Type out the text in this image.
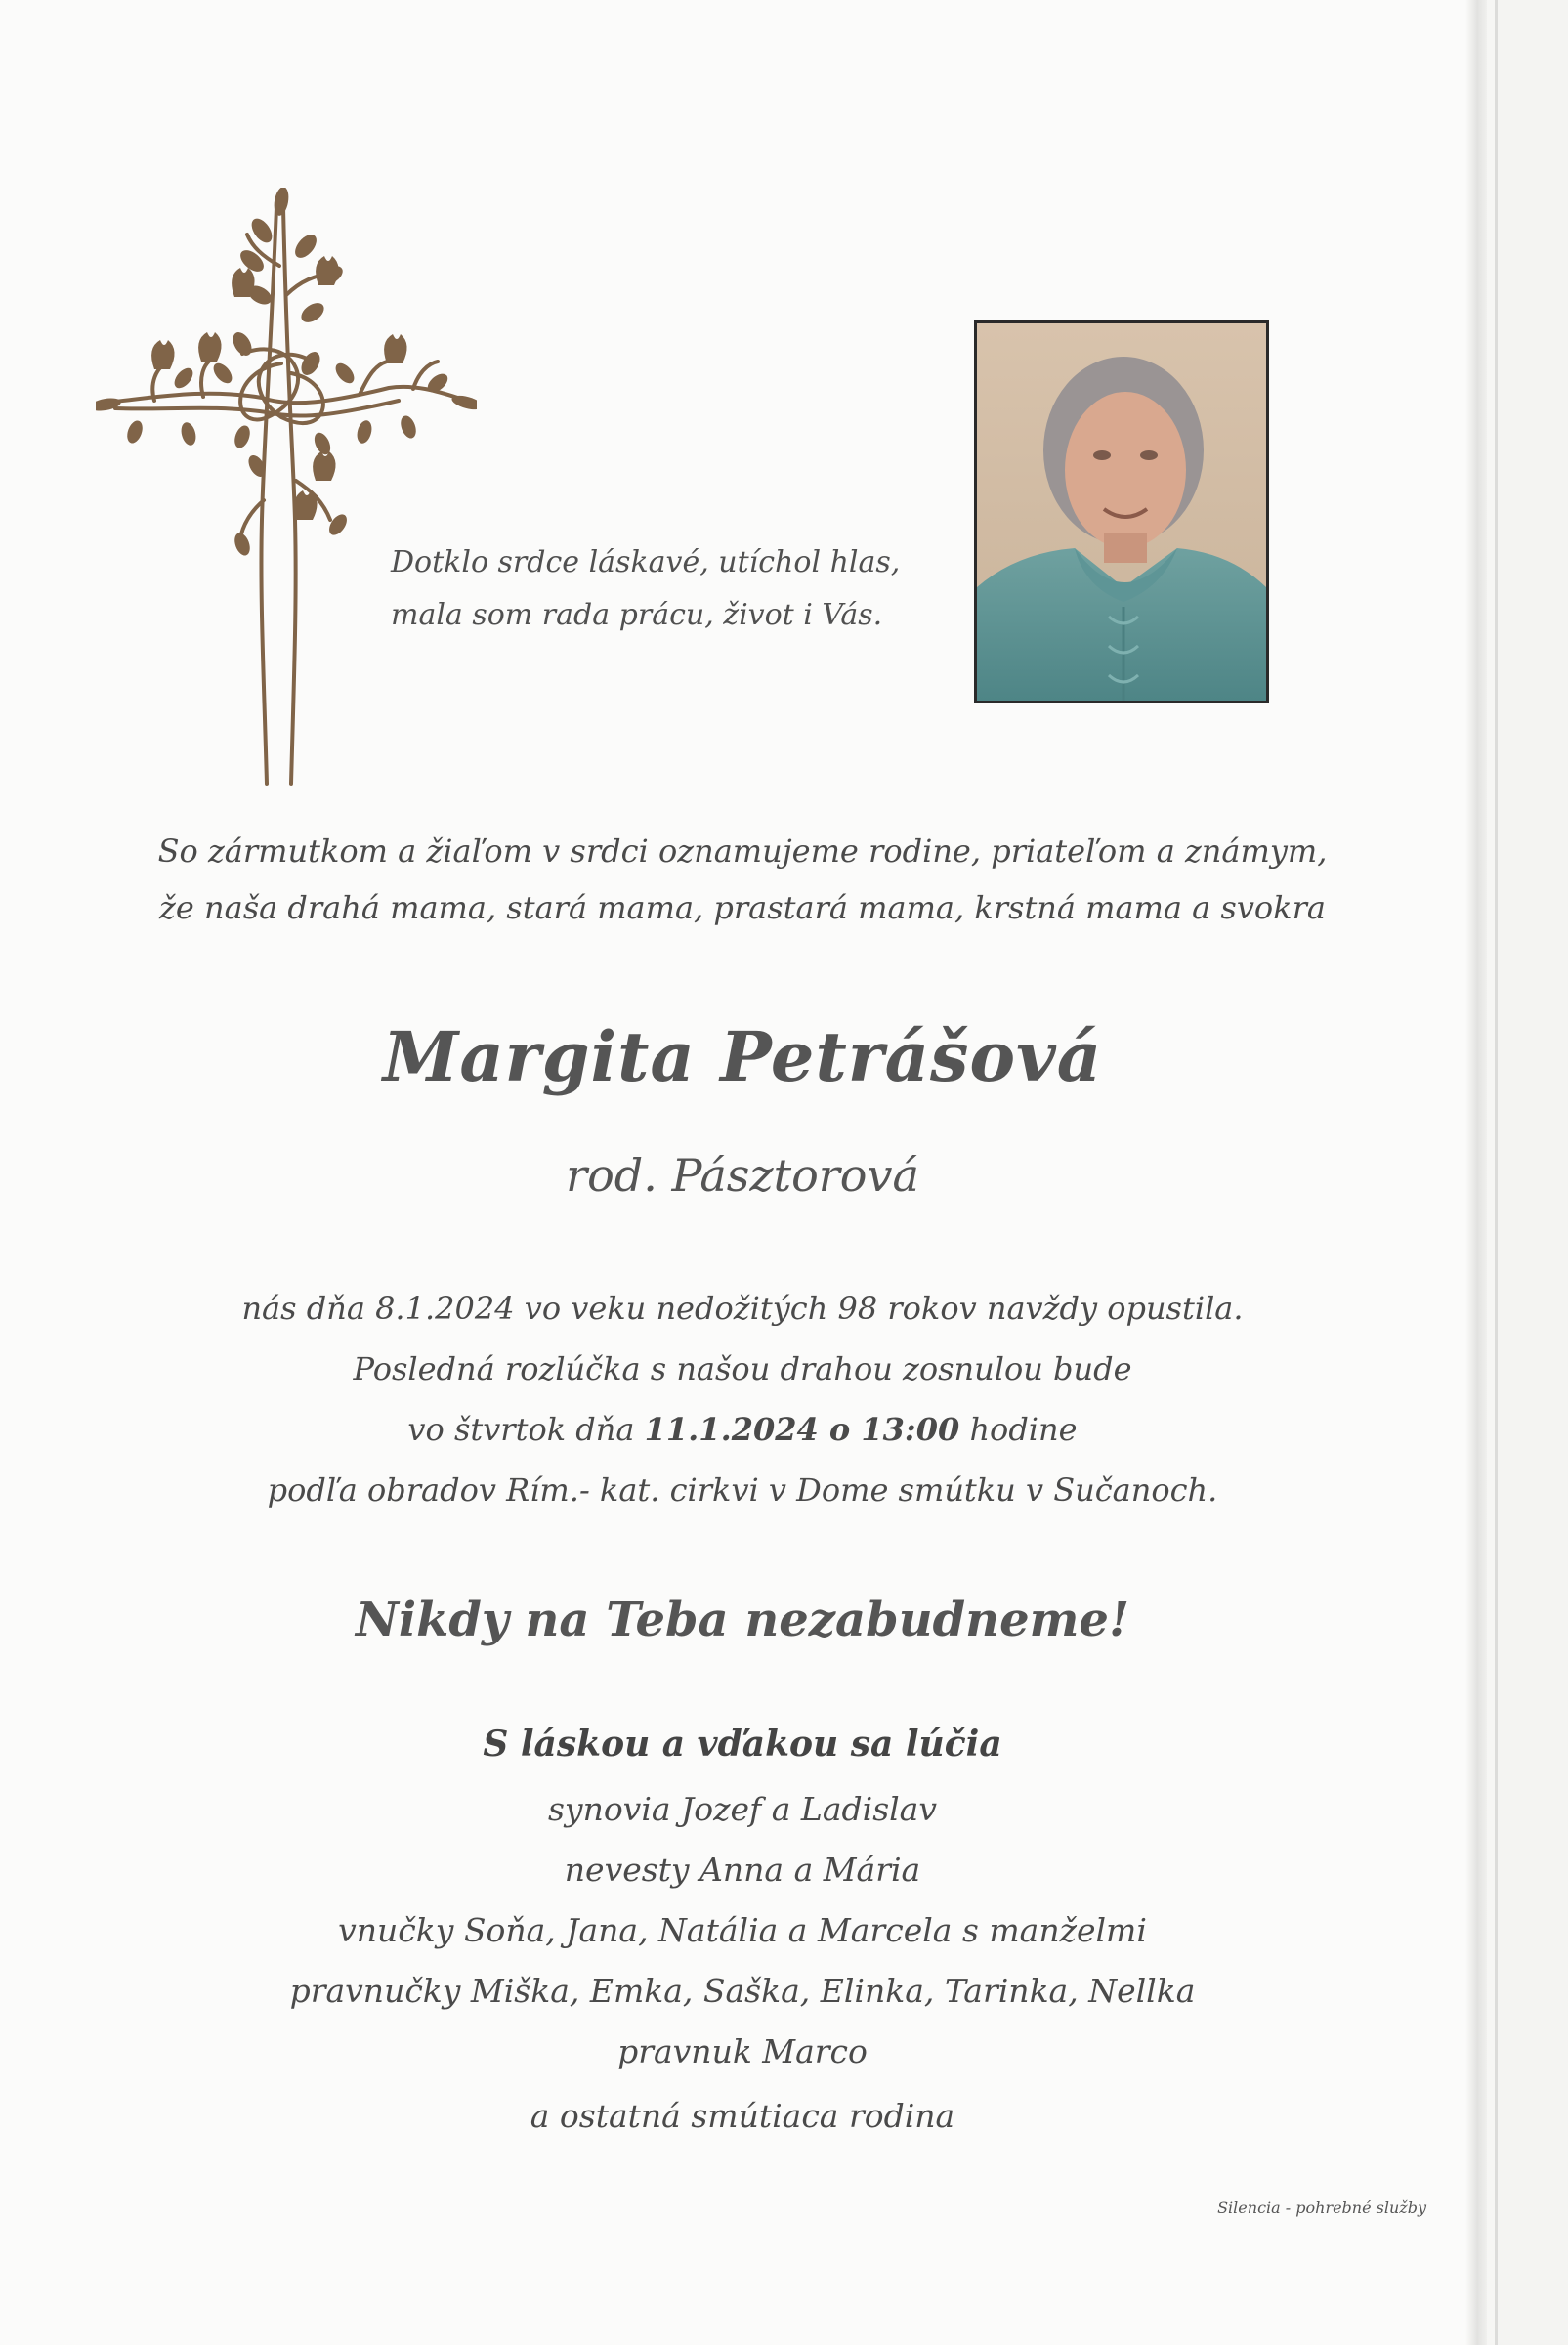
Dotklo srdce láskavé, utíchol hlas,
mala som rada prácu, život i Vás.
So zármutkom a žiaľom v srdci oznamujeme rodine, priateľom a známym,
že naša drahá mama, stará mama, prastará mama, krstná mama a svokra
Margita Petrášová
rod. Pásztorová
nás dňa 8.1.2024 vo veku nedožitých 98 rokov navždy opustila.
Posledná rozlúčka s našou drahou zosnulou bude
vo štvrtok dňa 11.1.2024 o 13:00 hodine
podľa obradov Rím.- kat. cirkvi v Dome smútku v Sučanoch.
Nikdy na Teba nezabudneme!
S láskou a vďakou sa lúčia
synovia Jozef a Ladislav
nevesty Anna a Mária
vnučky Soňa, Jana, Natália a Marcela s manželmi
pravnučky Miška, Emka, Saška, Elinka, Tarinka, Nellka
pravnuk Marco
a ostatná smútiaca rodina
Silencia - pohrebné služby
